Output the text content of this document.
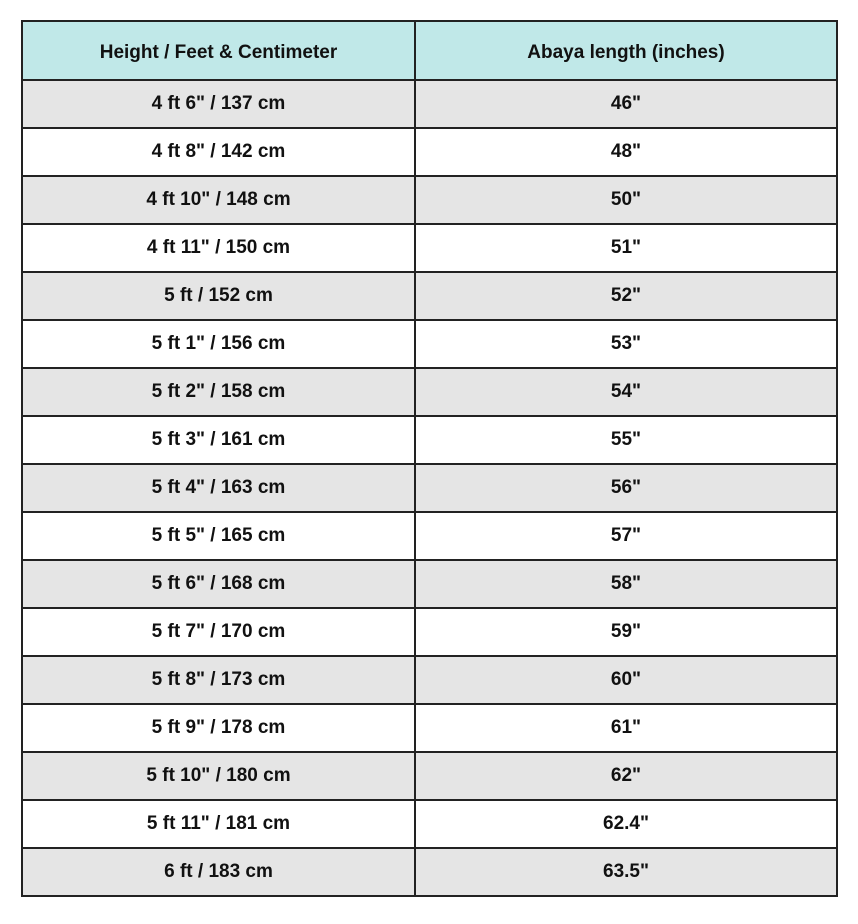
Height / Feet & Centimeter	Abaya length (inches)
4 ft 6" / 137 cm	46"
4 ft 8" / 142 cm	48"
4 ft 10" / 148 cm	50"
4 ft 11" / 150 cm	51"
5 ft / 152 cm	52"
5 ft 1" / 156 cm	53"
5 ft 2" / 158 cm	54"
5 ft 3" / 161 cm	55"
5 ft 4" / 163 cm	56"
5 ft 5" / 165 cm	57"
5 ft 6" / 168 cm	58"
5 ft 7" / 170 cm	59"
5 ft 8" / 173 cm	60"
5 ft 9" / 178 cm	61"
5 ft 10" / 180 cm	62"
5 ft 11" / 181 cm	62.4"
6 ft / 183 cm	63.5"
